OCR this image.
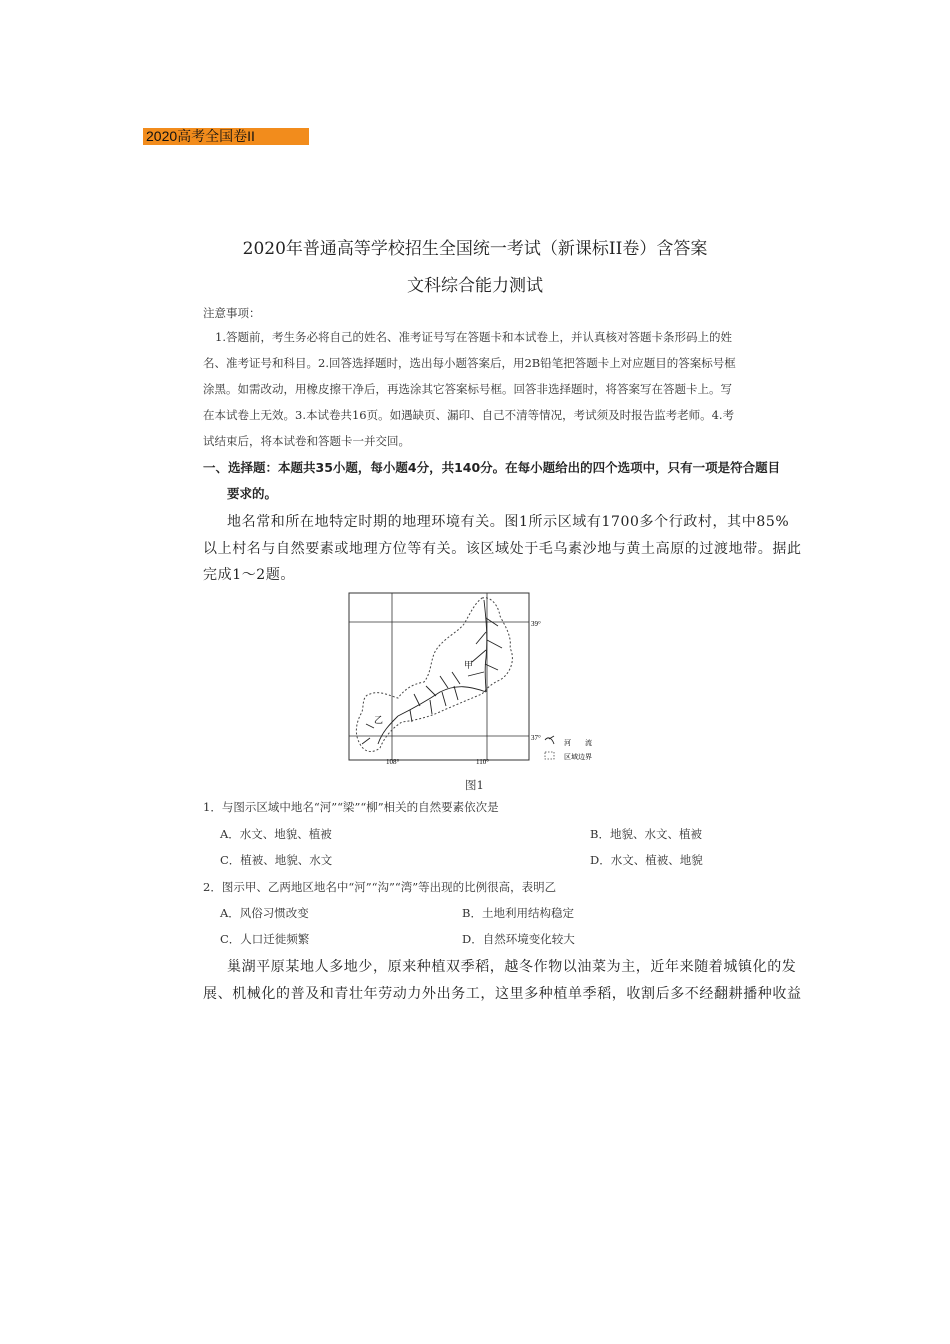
2020高考全国卷II
2020年普通高等学校招生全国统一考试（新课标II卷）含答案
文科综合能力测试
注意事项：
1.答题前，考生务必将自己的姓名、准考证号写在答题卡和本试卷上，并认真核对答题卡条形码上的姓
名、准考证号和科目。2.回答选择题时，选出每小题答案后，用2B铅笔把答题卡上对应题目的答案标号框
涂黑。如需改动，用橡皮擦干净后，再选涂其它答案标号框。回答非选择题时，将答案写在答题卡上。写
在本试卷上无效。3.本试卷共16页。如遇缺页、漏印、自己不清等情况，考试须及时报告监考老师。4.考
试结束后，将本试卷和答题卡一并交回。
一、选择题：本题共35小题，每小题4分，共140分。在每小题给出的四个选项中，只有一项是符合题目
要求的。
地名常和所在地特定时期的地理环境有关。图1所示区域有1700多个行政村，其中85%
以上村名与自然要素或地理方位等有关。该区域处于毛乌素沙地与黄土高原的过渡地带。据此
完成1～2题。
甲
乙
39°
37°
108°	110°
河　　流
区域边界
图1
1．与图示区域中地名“河”“梁”“柳”相关的自然要素依次是
A．水文、地貌、植被	B．地貌、水文、植被
C．植被、地貌、水文	D．水文、植被、地貌
2．图示甲、乙两地区地名中“河”“沟”“湾”等出现的比例很高，表明乙
A．风俗习惯改变	B．土地利用结构稳定
C．人口迁徙频繁	D．自然环境变化较大
巢湖平原某地人多地少，原来种植双季稻，越冬作物以油菜为主，近年来随着城镇化的发
展、机械化的普及和青壮年劳动力外出务工，这里多种植单季稻，收割后多不经翻耕播种收益
